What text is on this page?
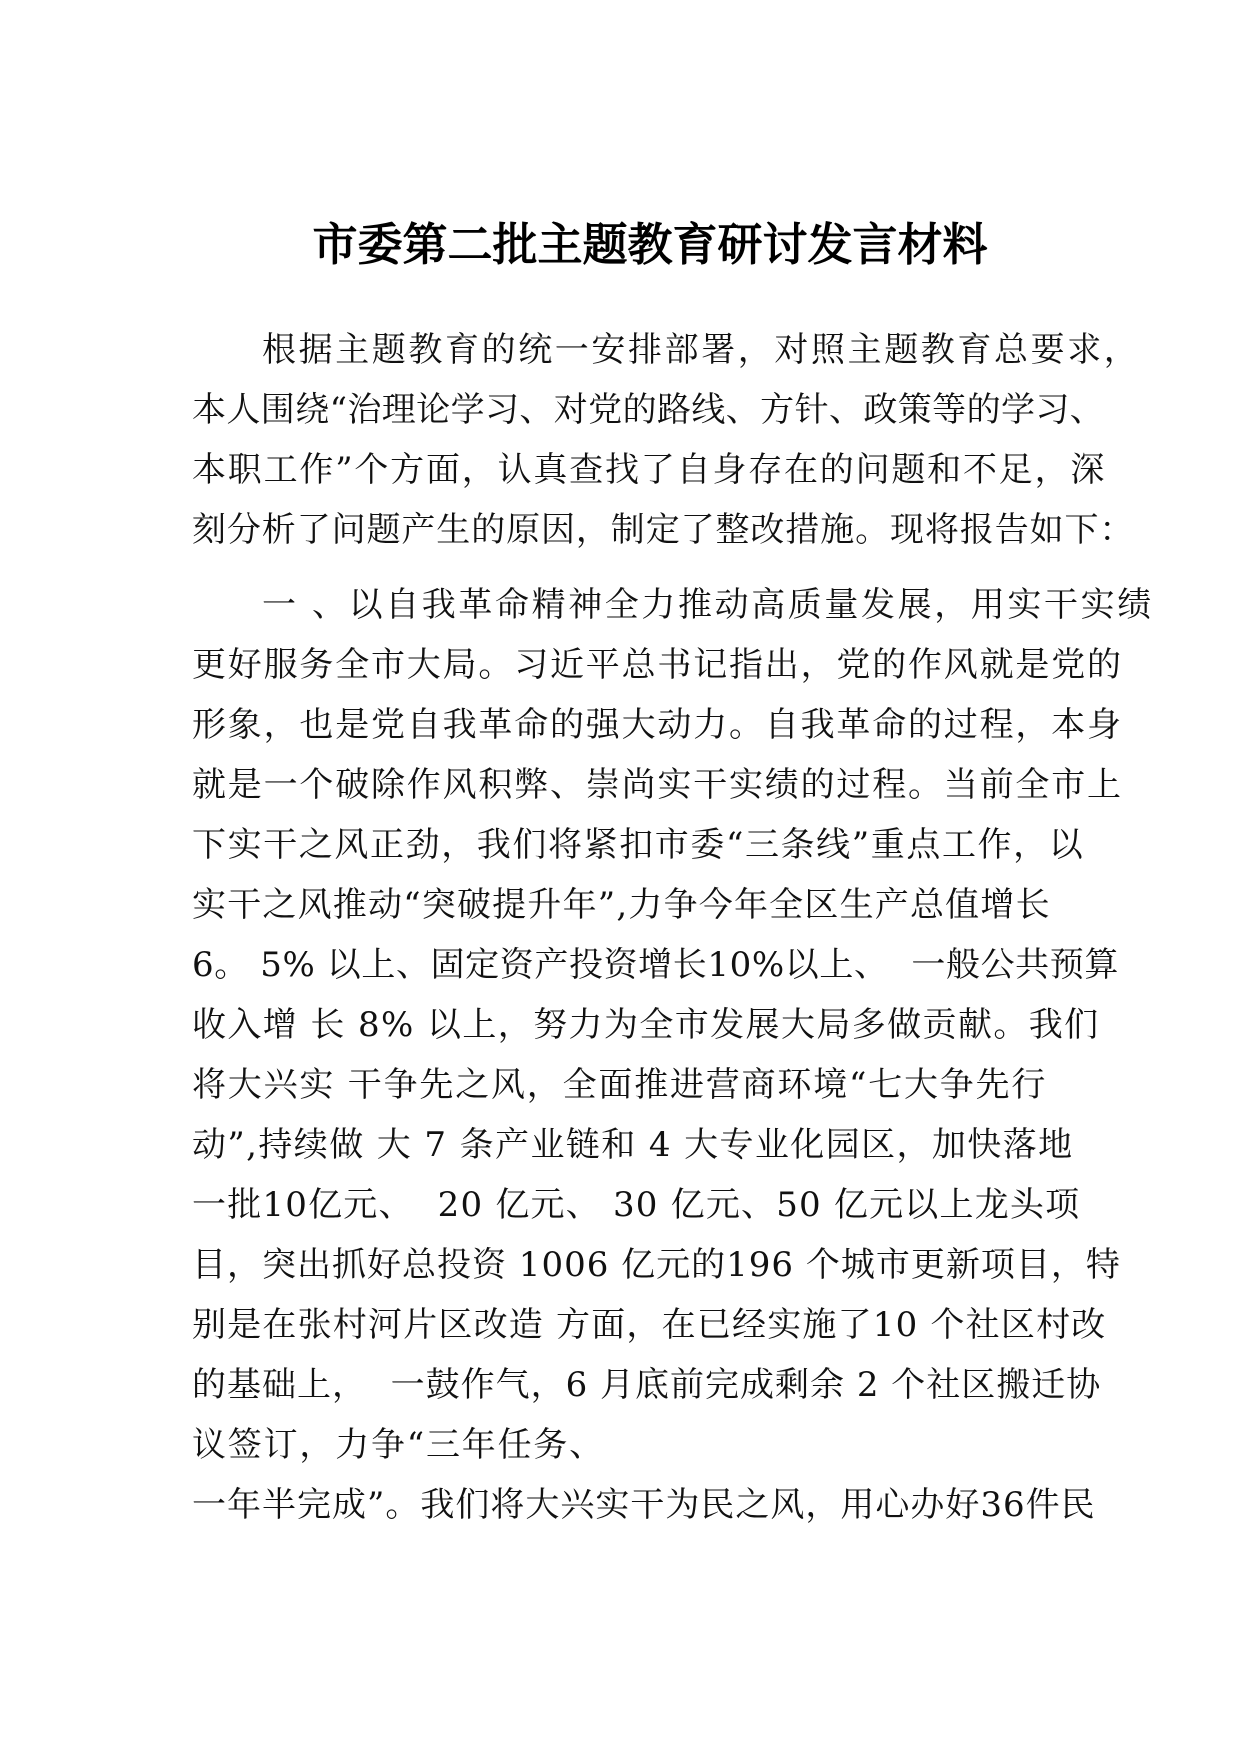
市委第二批主题教育研讨发言材料
根据主题教育的统一安排部署，对照主题教育总要求，
本人围绕“治理论学习、对党的路线、方针、政策等的学习、
本职工作”个方面，认真查找了自身存在的问题和不足，深
刻分析了问题产生的原因，制定了整改措施。现将报告如下：
一 、以自我革命精神全力推动高质量发展，用实干实绩
更好服务全市大局。习近平总书记指出，党的作风就是党的
形象，也是党自我革命的强大动力。自我革命的过程，本身
就是一个破除作风积弊、崇尚实干实绩的过程。当前全市上
下实干之风正劲，我们将紧扣市委“三条线”重点工作，以
实干之风推动“突破提升年”,力争今年全区生产总值增长
6。 5% 以上、固定资产投资增长10%以上、  一般公共预算
收入增 长 8% 以上，努力为全市发展大局多做贡献。我们
将大兴实 干争先之风，全面推进营商环境“七大争先行
动”,持续做 大 7 条产业链和 4 大专业化园区，加快落地
一批10亿元、  20 亿元、 30 亿元、50 亿元以上龙头项
目，突出抓好总投资 1006 亿元的196 个城市更新项目，特
别是在张村河片区改造 方面，在已经实施了10 个社区村改
的基础上，  一鼓作气，6 月底前完成剩余 2 个社区搬迁协
议签订，力争“三年任务、
一年半完成”。我们将大兴实干为民之风，用心办好36件民
